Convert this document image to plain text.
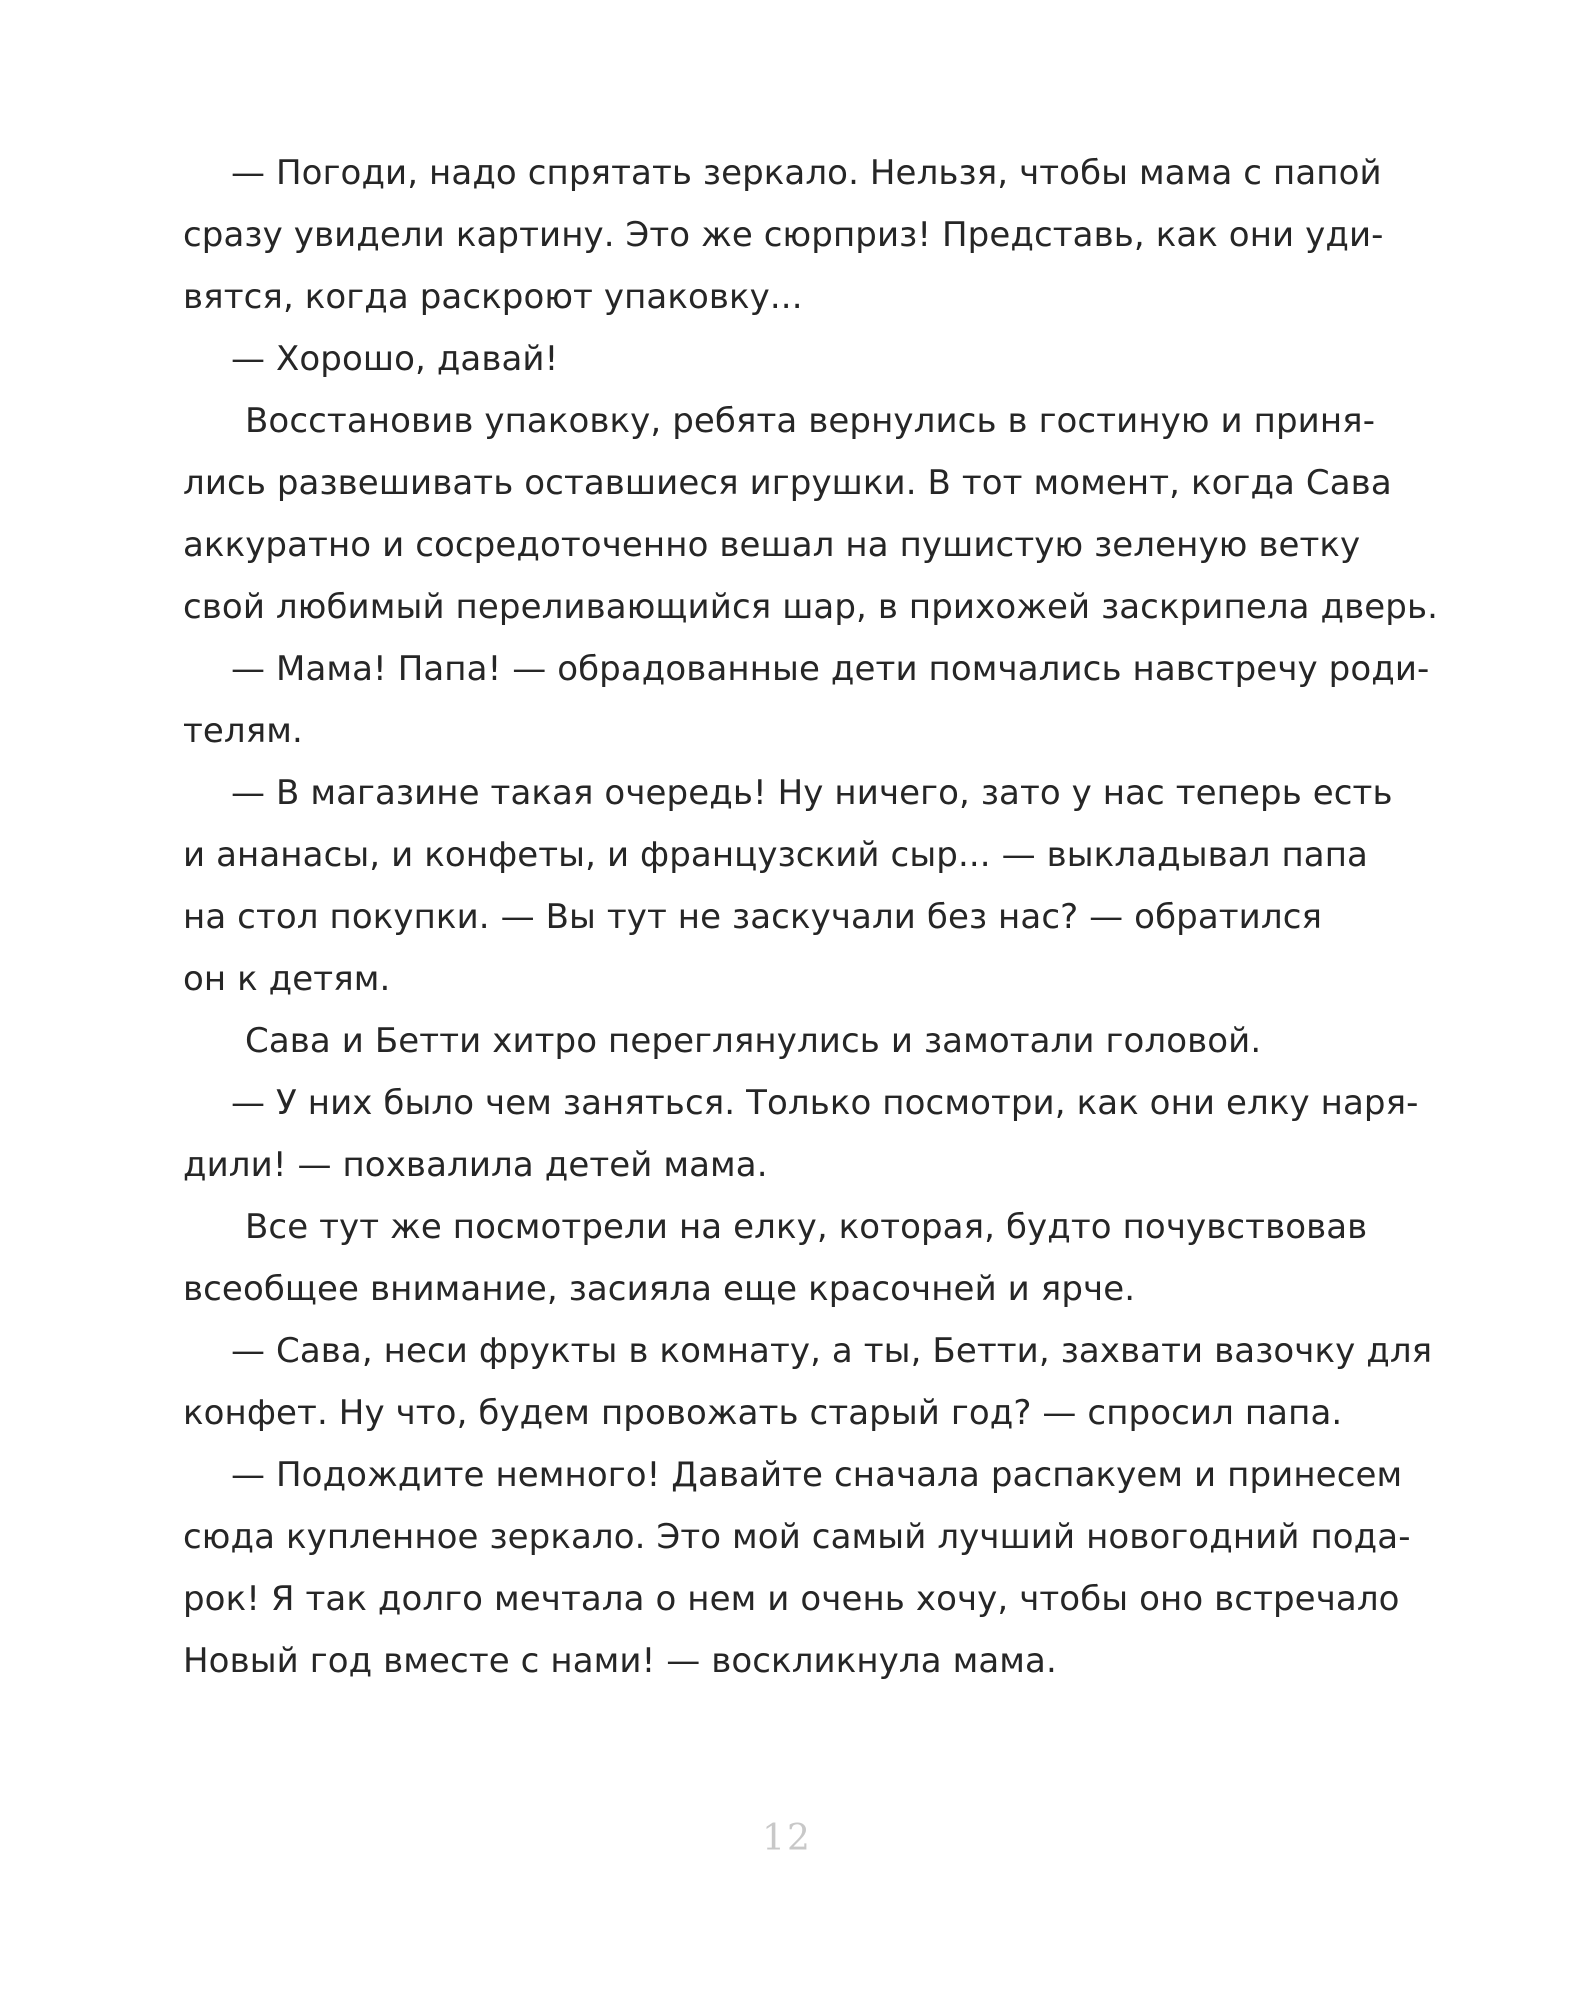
— Погоди, надо спрятать зеркало. Нельзя, чтобы мама с папой
сразу увидели картину. Это же сюрприз! Представь, как они уди-
вятся, когда раскроют упаковку...
— Хорошо, давай!
Восстановив упаковку, ребята вернулись в гостиную и приня-
лись развешивать оставшиеся игрушки. В тот момент, когда Сава
аккуратно и сосредоточенно вешал на пушистую зеленую ветку
свой любимый переливающийся шар, в прихожей заскрипела дверь.
— Мама! Папа! — обрадованные дети помчались навстречу роди-
телям.
— В магазине такая очередь! Ну ничего, зато у нас теперь есть
и ананасы, и конфеты, и французский сыр... — выкладывал папа
на стол покупки. — Вы тут не заскучали без нас? — обратился
он к детям.
Сава и Бетти хитро переглянулись и замотали головой.
— У них было чем заняться. Только посмотри, как они елку наря-
дили! — похвалила детей мама.
Все тут же посмотрели на елку, которая, будто почувствовав
всеобщее внимание, засияла еще красочней и ярче.
— Сава, неси фрукты в комнату, а ты, Бетти, захвати вазочку для
конфет. Ну что, будем провожать старый год? — спросил папа.
— Подождите немного! Давайте сначала распакуем и принесем
сюда купленное зеркало. Это мой самый лучший новогодний пода-
рок! Я так долго мечтала о нем и очень хочу, чтобы оно встречало
Новый год вместе с нами! — воскликнула мама.
12
